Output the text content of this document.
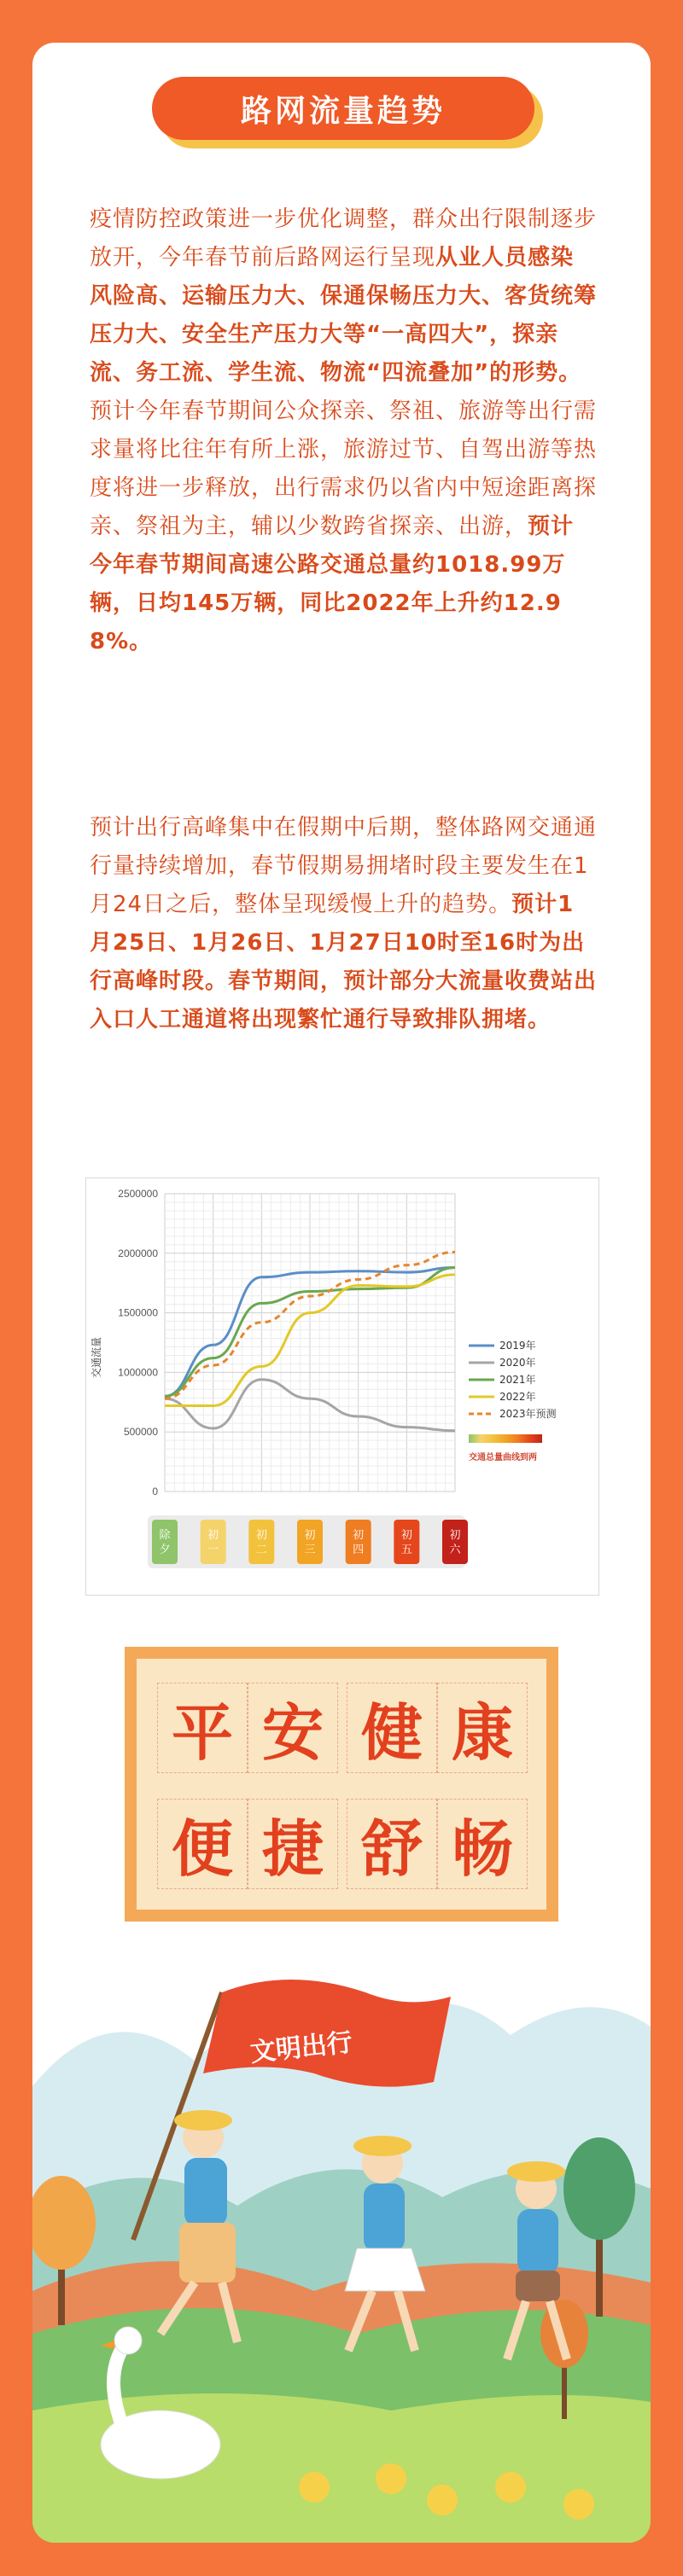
路网流量趋势
疫情防控政策进一步优化调整，群众出行限制逐步放开，今年春节前后路网运行呈现从业人员感染风险高、运输压力大、保通保畅压力大、客货统筹压力大、安全生产压力大等“一高四大”，探亲流、务工流、学生流、物流“四流叠加”的形势。预计今年春节期间公众探亲、祭祖、旅游等出行需求量将比往年有所上涨，旅游过节、自驾出游等热度将进一步释放，出行需求仍以省内中短途距离探亲、祭祖为主，辅以少数跨省探亲、出游，预计今年春节期间高速公路交通总量约1018.99万辆，日均145万辆，同比2022年上升约12.98%。
预计出行高峰集中在假期中后期，整体路网交通通行量持续增加，春节假期易拥堵时段主要发生在1月24日之后，整体呈现缓慢上升的趋势。预计1月25日、1月26日、1月27日10时至16时为出行高峰时段。春节期间，预计部分大流量收费站出入口人工通道将出现繁忙通行导致排队拥堵。
0
500000
1000000
1500000
2000000
2500000
交通流量	2019年
2020年
2021年
2022年
2023年预测
交通总量曲线到两
除
夕
初
一
初
二
初
三
初
四
初
五
初
六
平 安 健 康
便 捷 舒 畅
文明出行
